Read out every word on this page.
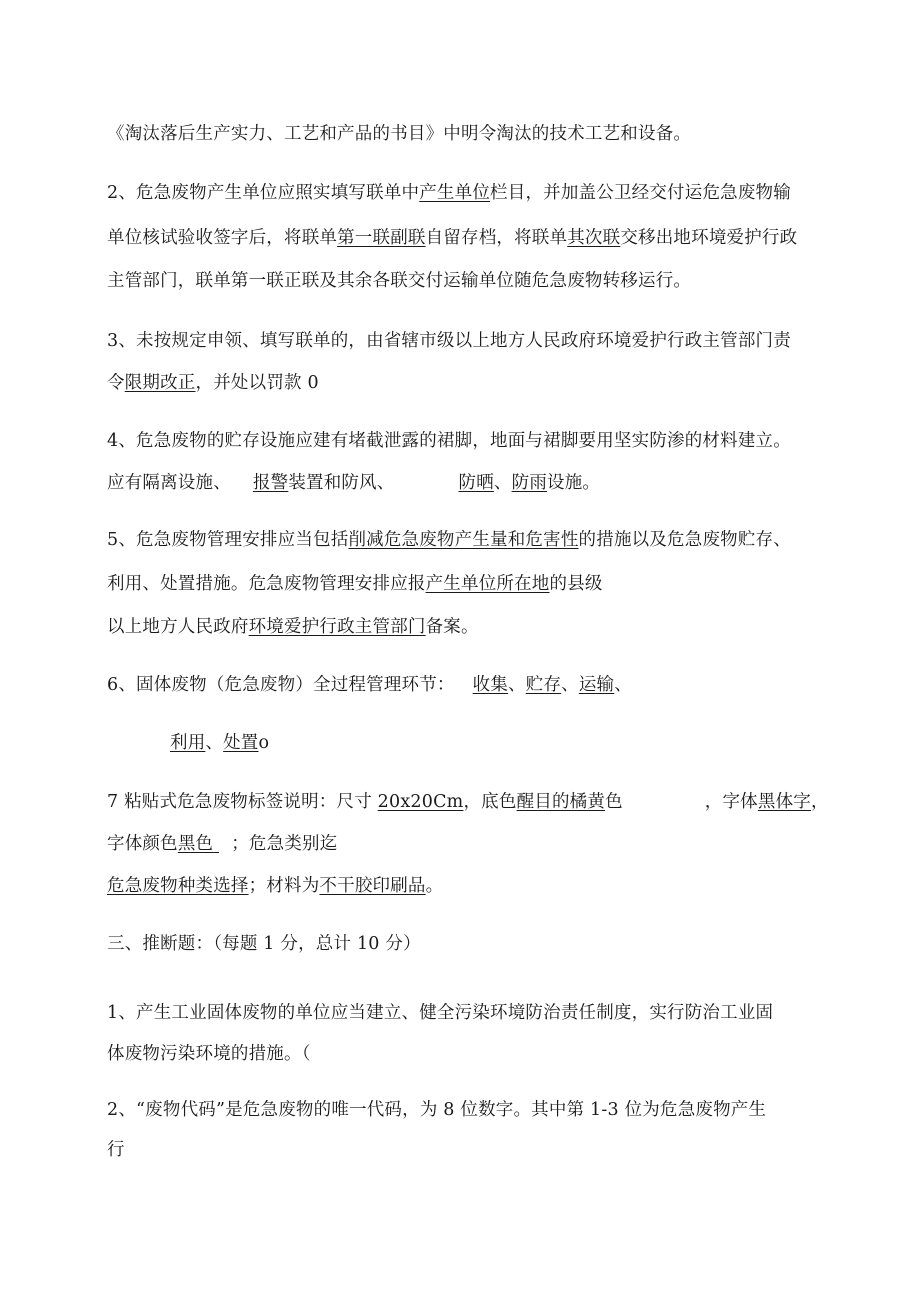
《淘汰落后生产实力、工艺和产品的书目》中明令淘汰的技术工艺和设备。
2、危急废物产生单位应照实填写联单中产生单位栏目，并加盖公卫经交付运危急废物输
单位核试验收签字后，将联单第一联副联自留存档，将联单其次联交移出地环境爱护行政
主管部门，联单第一联正联及其余各联交付运输单位随危急废物转移运行。
3、未按规定申领、填写联单的，由省辖市级以上地方人民政府环境爱护行政主管部门责
令限期改正，并处以罚款 0
4、危急废物的贮存设施应建有堵截泄露的裙脚，地面与裙脚要用坚实防渗的材料建立。
应有隔离设施、 报警装置和防风、	防晒、防雨设施。
5、危急废物管理安排应当包括削减危急废物产生量和危害性的措施以及危急废物贮存、
利用、处置措施。危急废物管理安排应报产生单位所在地的县级
以上地方人民政府环境爱护行政主管部门备案。
6、固体废物（危急废物）全过程管理环节： 收集、贮存、运输、
利用、处置o
7 粘贴式危急废物标签说明：尺寸 20x20Cm，底色醒目的橘黄色	，字体黑体字，
字体颜色黑色 ；危急类别迄
危急废物种类选择；材料为不干胶印刷品。
三、推断题：（每题 1 分，总计 10 分）
1、产生工业固体废物的单位应当建立、健全污染环境防治责任制度，实行防治工业固
体废物污染环境的措施。（
2、“废物代码”是危急废物的唯一代码，为 8 位数字。其中第 1-3 位为危急废物产生
行
